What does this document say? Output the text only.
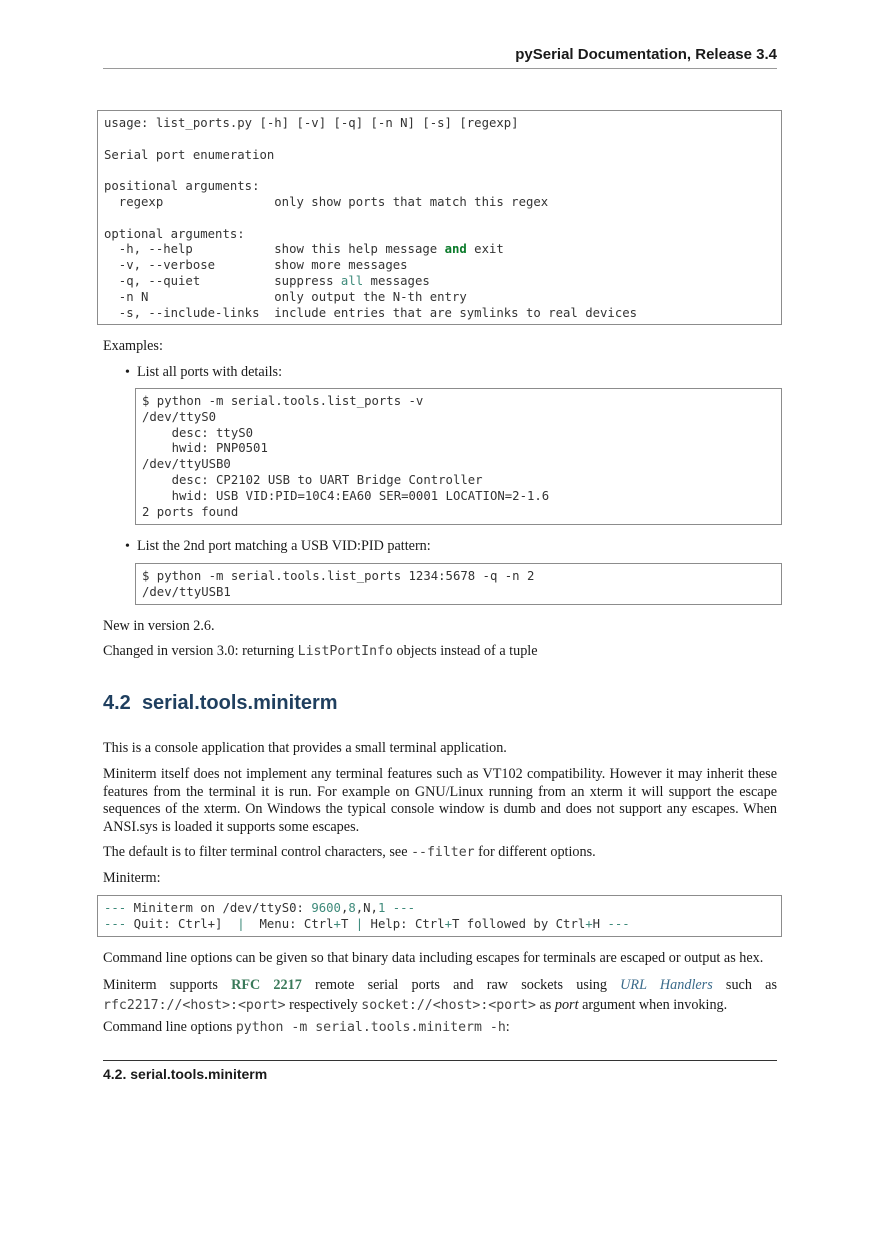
pySerial Documentation, Release 3.4
usage: list_ports.py [-h] [-v] [-q] [-n N] [-s] [regexp]

Serial port enumeration

positional arguments:
regexp               only show ports that match this regex

optional arguments:
-h, --help           show this help message and exit
-v, --verbose        show more messages
-q, --quiet          suppress all messages
-n N                 only output the N-th entry
-s, --include-links  include entries that are symlinks to real devices
Examples:
• List all ports with details:
$ python -m serial.tools.list_ports -v
/dev/ttyS0
desc: ttyS0
hwid: PNP0501
/dev/ttyUSB0
desc: CP2102 USB to UART Bridge Controller
hwid: USB VID:PID=10C4:EA60 SER=0001 LOCATION=2-1.6
2 ports found
• List the 2nd port matching a USB VID:PID pattern:
$ python -m serial.tools.list_ports 1234:5678 -q -n 2
/dev/ttyUSB1
New in version 2.6.
Changed in version 3.0: returning ListPortInfo objects instead of a tuple
4.2 serial.tools.miniterm
This is a console application that provides a small terminal application.
Miniterm itself does not implement any terminal features such as VT102 compatibility. However it may inherit these features from the terminal it is run. For example on GNU/Linux running from an xterm it will support the escape sequences of the xterm. On Windows the typical console window is dumb and does not support any escapes. When ANSI.sys is loaded it supports some escapes.
The default is to filter terminal control characters, see --filter for different options.
Miniterm:
--- Miniterm on /dev/ttyS0: 9600,8,N,1 ---
--- Quit: Ctrl+]  |  Menu: Ctrl+T | Help: Ctrl+T followed by Ctrl+H ---
Command line options can be given so that binary data including escapes for terminals are escaped or output as hex.
Miniterm supports RFC 2217 remote serial ports and raw sockets using URL Handlers such as rfc2217://<host>:<port> respectively socket://<host>:<port> as port argument when invoking.
Command line options python -m serial.tools.miniterm -h:
4.2. serial.tools.miniterm
